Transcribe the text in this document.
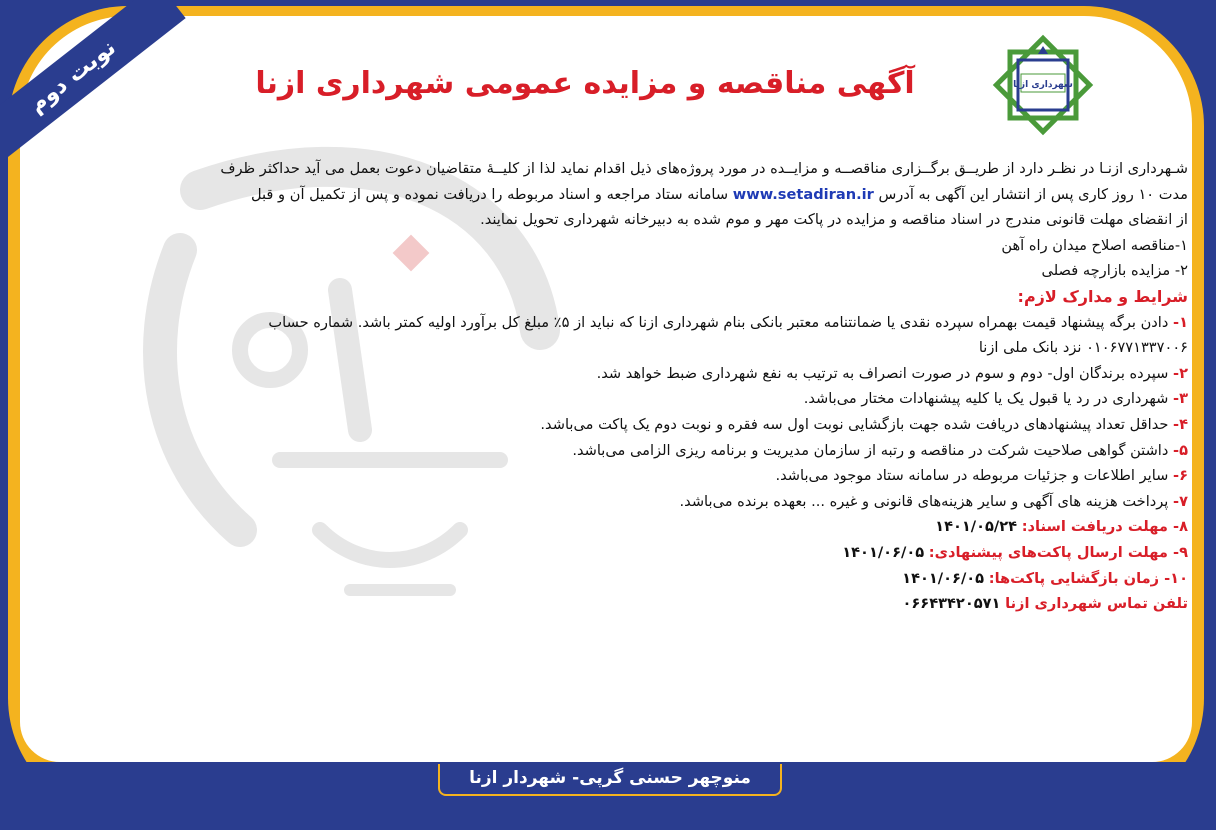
نوبت دوم	شهرداری ازنا
آگهی مناقصه و مزایده عمومی شهرداری ازنا
شـهرداری ازنـا در نظـر دارد از طریــق برگــزاری مناقصــه و مزایــده در مورد پروژه‌های ذیل اقدام نماید لذا از کلیــهٔ متقاضیان دعوت بعمل می آید حداکثر ظرف
مدت ۱۰ روز کاری پس از انتشار این آگهی به آدرس www.setadiran.ir سامانه ستاد مراجعه و اسناد مربوطه را دریافت نموده و پس از تکمیل آن و قبل
از انقضای مهلت قانونی مندرج در اسناد مناقصه و مزایده در پاکت مهر و موم شده به دبیرخانه شهرداری تحویل نمایند.
۱-مناقصه اصلاح میدان راه آهن
۲- مزایده بازارچه فصلی
شرایط و مدارک لازم:
۱- دادن برگه پیشنهاد قیمت بهمراه سپرده نقدی یا ضمانتنامه معتبر بانکی بنام شهرداری ازنا که نباید از ۵٪ مبلغ کل برآورد اولیه کمتر باشد. شماره حساب
۰۱۰۶۷۷۱۳۳۷۰۰۶ نزد بانک ملی ازنا
۲- سپرده برندگان اول- دوم و سوم در صورت انصراف به ترتیب به نفع شهرداری ضبط خواهد شد.
۳- شهرداری در رد یا قبول یک یا کلیه پیشنهادات مختار می‌باشد.
۴- حداقل تعداد پیشنهادهای دریافت شده جهت بازگشایی نوبت اول سه فقره و نوبت دوم یک پاکت می‌باشد.
۵- داشتن گواهی صلاحیت شرکت در مناقصه و رتبه از سازمان مدیریت و برنامه ریزی الزامی می‌باشد.
۶- سایر اطلاعات و جزئیات مربوطه در سامانه ستاد موجود می‌باشد.
۷- پرداخت هزینه های آگهی و سایر هزینه‌های قانونی و غیره ... بعهده برنده می‌باشد.
۸- مهلت دریافت اسناد: ۱۴۰۱/۰۵/۲۴
۹- مهلت ارسال پاکت‌های پیشنهادی: ۱۴۰۱/۰۶/۰۵
۱۰- زمان بازگشایی پاکت‌ها: ۱۴۰۱/۰۶/۰۵
تلفن تماس شهرداری ازنا ۰۶۶۴۳۴۲۰۵۷۱
منوچهر حسنی گرپی- شهردار ازنا
